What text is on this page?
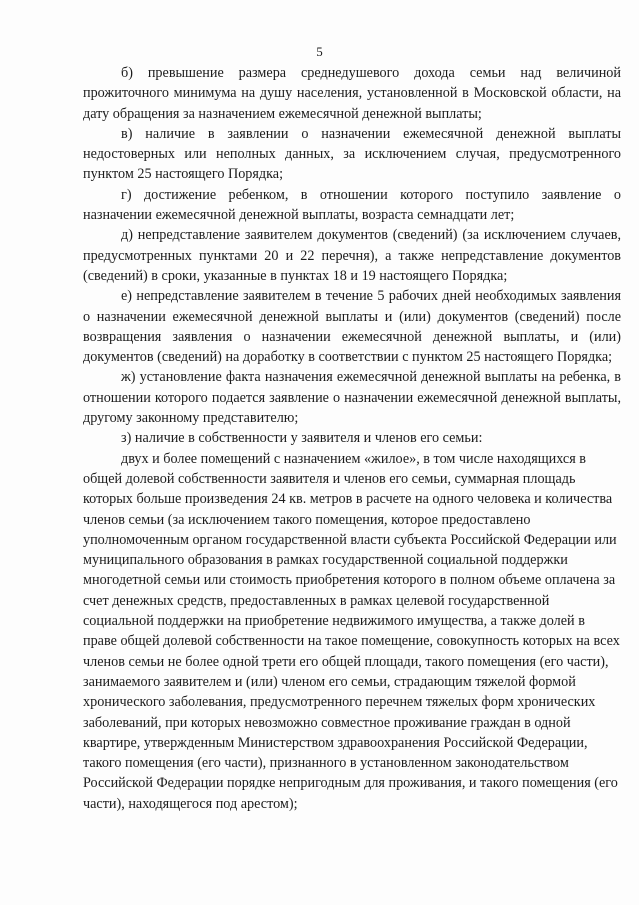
5

б) превышение размера среднедушевого дохода семьи над величиной прожиточного минимума на душу населения, установленной в Московской области, на дату обращения за назначением ежемесячной денежной выплаты;

в) наличие в заявлении о назначении ежемесячной денежной выплаты недостоверных или неполных данных, за исключением случая, предусмотренного пунктом 25 настоящего Порядка;

г) достижение ребенком, в отношении которого поступило заявление о назначении ежемесячной денежной выплаты, возраста семнадцати лет;

д) непредставление заявителем документов (сведений) (за исключением случаев, предусмотренных пунктами 20 и 22 перечня), а также непредставление документов (сведений) в сроки, указанные в пунктах 18 и 19 настоящего Порядка;

е) непредставление заявителем в течение 5 рабочих дней необходимых заявления о назначении ежемесячной денежной выплаты и (или) документов (сведений) после возвращения заявления о назначении ежемесячной денежной выплаты, и (или) документов (сведений) на доработку в соответствии с пунктом 25 настоящего Порядка;

ж) установление факта назначения ежемесячной денежной выплаты на ребенка, в отношении которого подается заявление о назначении ежемесячной денежной выплаты, другому законному представителю;

з) наличие в собственности у заявителя и членов его семьи:

двух и более помещений с назначением «жилое», в том числе находящихся в общей долевой собственности заявителя и членов его семьи, суммарная площадь которых больше произведения 24 кв. метров в расчете на одного человека и количества членов семьи (за исключением такого помещения, которое предоставлено уполномоченным органом государственной власти субъекта Российской Федерации или муниципального образования в рамках государственной социальной поддержки многодетной семьи или стоимость приобретения которого в полном объеме оплачена за счет денежных средств, предоставленных в рамках целевой государственной социальной поддержки на приобретение недвижимого имущества, а также долей в праве общей долевой собственности на такое помещение, совокупность которых на всех членов семьи не более одной трети его общей площади, такого помещения (его части), занимаемого заявителем и (или) членом его семьи, страдающим тяжелой формой хронического заболевания, предусмотренного перечнем тяжелых форм хронических заболеваний, при которых невозможно совместное проживание граждан в одной квартире, утвержденным Министерством здравоохранения Российской Федерации, такого помещения (его части), признанного в установленном законодательством Российской Федерации порядке непригодным для проживания, и такого помещения (его части), находящегося под арестом);
